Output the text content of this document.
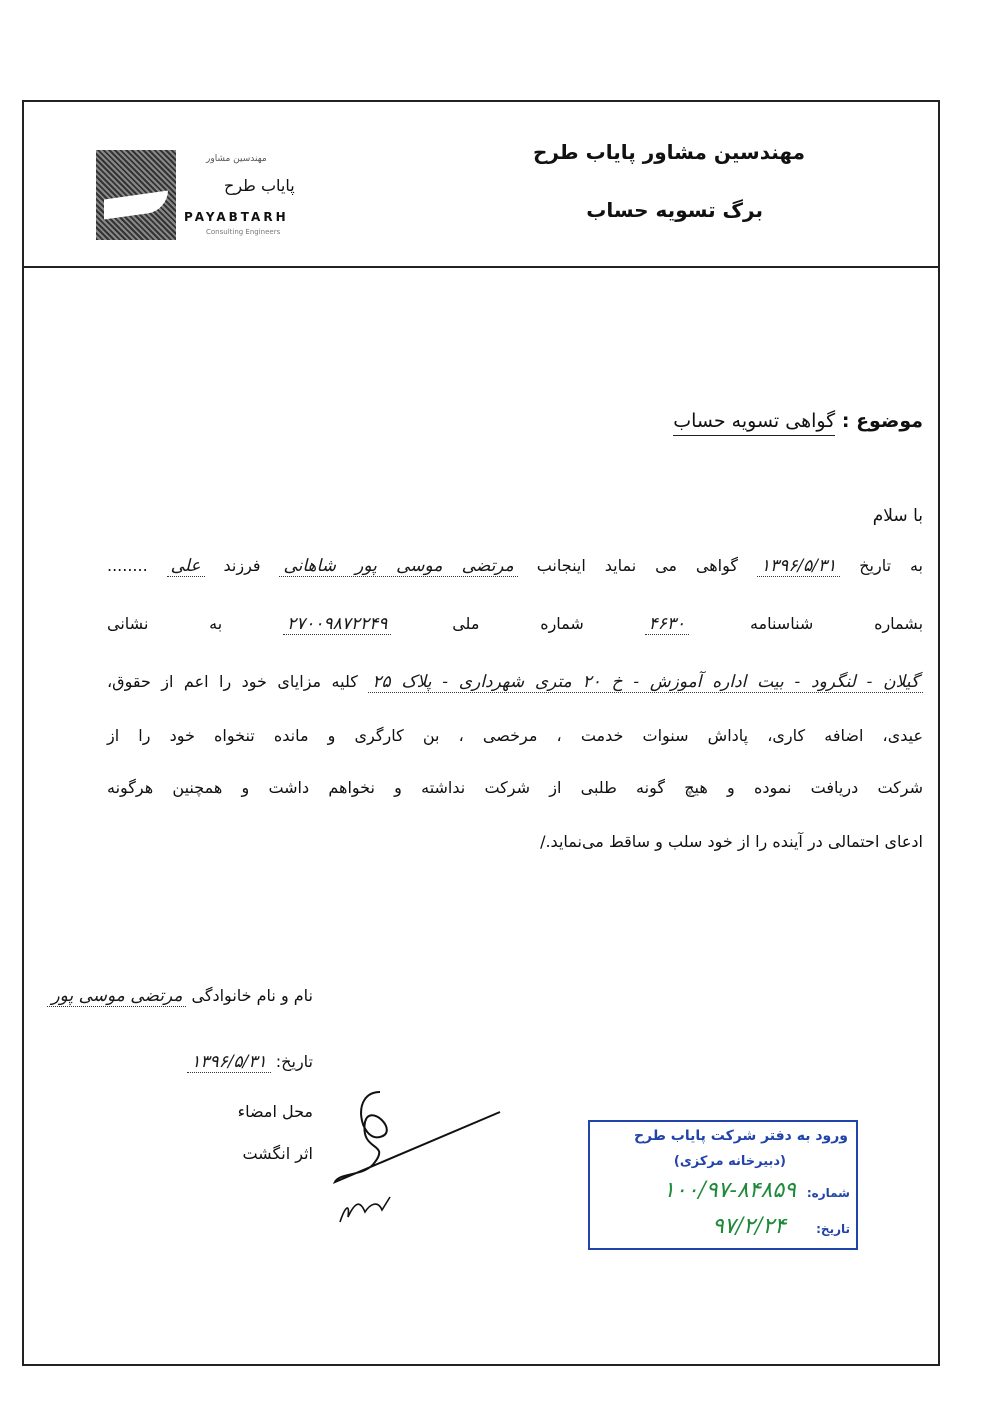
مهندسین مشاور پایاب طرح
برگ تسویه حساب
مهندسین مشاور
پایاب طرح
PAYABTARH
Consulting Engineers
موضوع : گواهی تسویه حساب
با سلام
به تاریخ ۱۳۹۶/۵/۳۱ گواهی می نماید اینجانب مرتضی موسی پور شاهانی فرزند علی ........
بشماره شناسنامه ۴۶۳۰ شماره ملی ۲۷۰۰۹۸۷۲۲۴۹ به نشانی
گیلان - لنگرود - بیت اداره آموزش - خ ۲۰ متری شهرداری - پلاک ۲۵ کلیه مزایای خود را اعم از حقوق،
عیدی، اضافه کاری، پاداش سنوات خدمت ، مرخصی ، بن کارگری و مانده تنخواه خود را از
شرکت دریافت نموده و هیچ گونه طلبی از شرکت نداشته و نخواهم داشت و همچنین هرگونه
ادعای احتمالی در آینده را از خود سلب و ساقط می‌نماید./
نام و نام خانوادگی مرتضی موسی پور
تاریخ: ۱۳۹۶/۵/۳۱
محل امضاء
اثر انگشت
ورود به دفتر شرکت پایاب طرح
(دبیرخانه مرکزی)
شماره:
۱۰۰/۹۷-۸۴۸۵۹
تاریخ:
۹۷/۲/۲۴
